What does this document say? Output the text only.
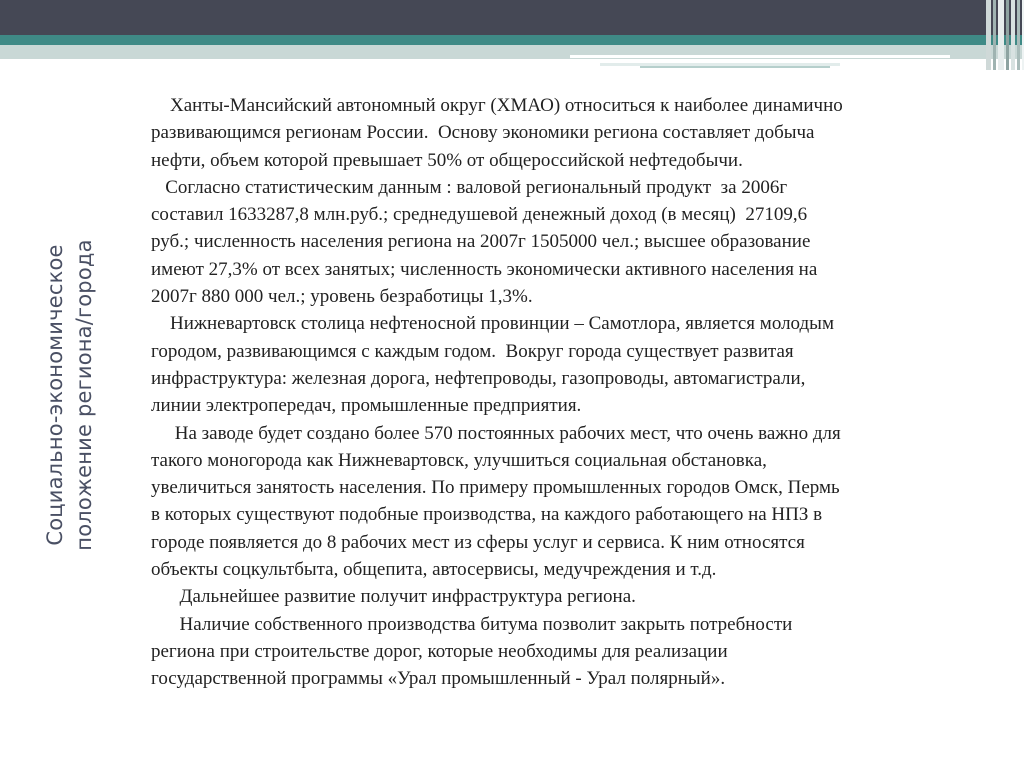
Социально-экономическое положение региона/города
Ханты-Мансийский автономный округ (ХМАО) относиться к наиболее динамично
развивающимся регионам России.  Основу экономики региона составляет добыча
нефти, объем которой превышает 50% от общероссийской нефтедобычи.
Согласно статистическим данным : валовой региональный продукт  за 2006г
составил 1633287,8 млн.руб.; среднедушевой денежный доход (в месяц)  27109,6
руб.; численность населения региона на 2007г 1505000 чел.; высшее образование
имеют 27,3% от всех занятых; численность экономически активного населения на
2007г 880 000 чел.; уровень безработицы 1,3%.
Нижневартовск столица нефтеносной провинции – Самотлора, является молодым
городом, развивающимся с каждым годом.  Вокруг города существует развитая
инфраструктура: железная дорога, нефтепроводы, газопроводы, автомагистрали,
линии электропередач, промышленные предприятия.
На заводе будет создано более 570 постоянных рабочих мест, что очень важно для
такого моногорода как Нижневартовск, улучшиться социальная обстановка,
увеличиться занятость населения. По примеру промышленных городов Омск, Пермь
в которых существуют подобные производства, на каждого работающего на НПЗ в
городе появляется до 8 рабочих мест из сферы услуг и сервиса. К ним относятся
объекты соцкультбыта, общепита, автосервисы, медучреждения и т.д.
Дальнейшее развитие получит инфраструктура региона.
Наличие собственного производства битума позволит закрыть потребности
региона при строительстве дорог, которые необходимы для реализации
государственной программы «Урал промышленный - Урал полярный».
